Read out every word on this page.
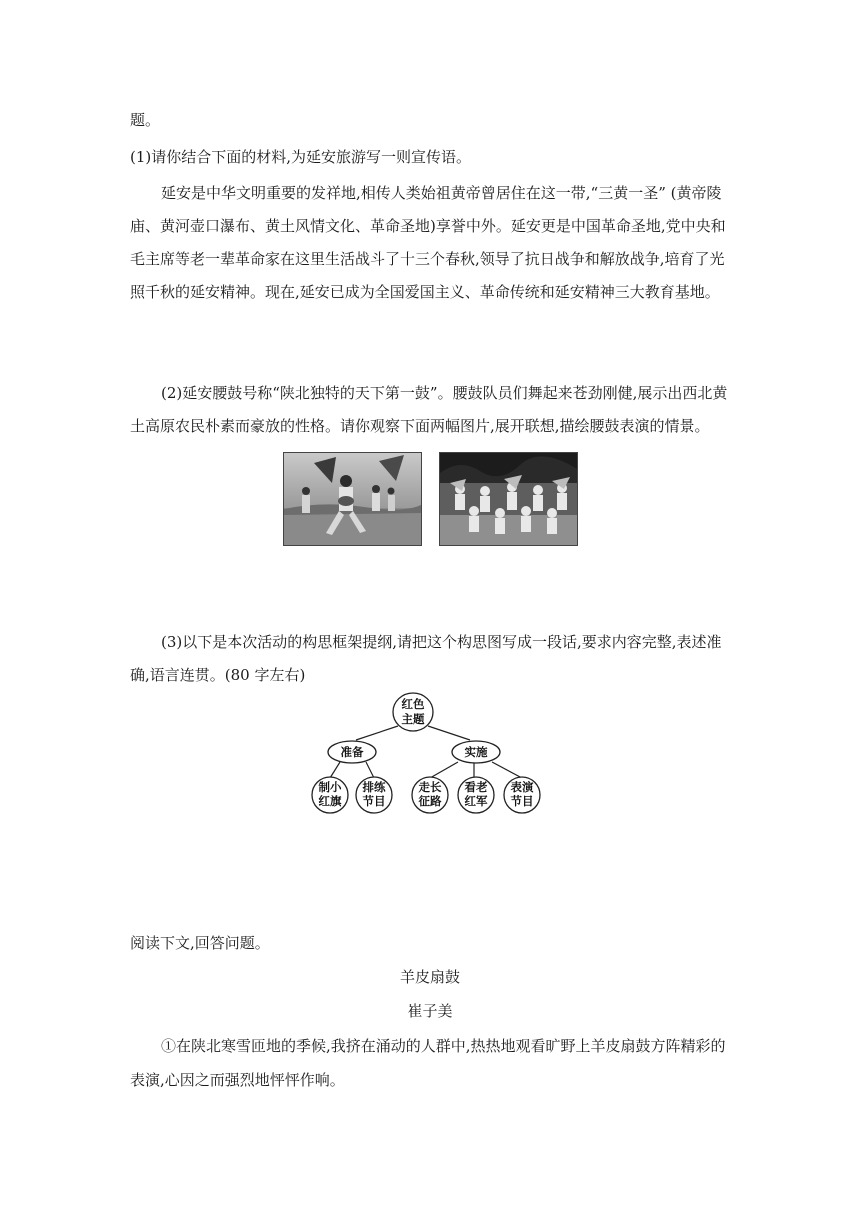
题。
(1)请你结合下面的材料,为延安旅游写一则宣传语。
延安是中华文明重要的发祥地,相传人类始祖黄帝曾居住在这一带,“三黄一圣” (黄帝陵
庙、黄河壶口瀑布、黄土风情文化、革命圣地)享誉中外。延安更是中国革命圣地,党中央和
毛主席等老一辈革命家在这里生活战斗了十三个春秋,领导了抗日战争和解放战争,培育了光
照千秋的延安精神。现在,延安已成为全国爱国主义、革命传统和延安精神三大教育基地。
(2)延安腰鼓号称“陕北独特的天下第一鼓”。腰鼓队员们舞起来苍劲刚健,展示出西北黄
土高原农民朴素而豪放的性格。请你观察下面两幅图片,展开联想,描绘腰鼓表演的情景。
(3)以下是本次活动的构思框架提纲,请把这个构思图写成一段话,要求内容完整,表述准
确,语言连贯。(80 字左右)
红色
主题
准备	实施
制小
红旗
排练
节目
走长
征路
看老
红军
表演
节目
阅读下文,回答问题。
羊皮扇鼓
崔子美
①在陕北寒雪匝地的季候,我挤在涌动的人群中,热热地观看旷野上羊皮扇鼓方阵精彩的
表演,心因之而强烈地怦怦作响。
